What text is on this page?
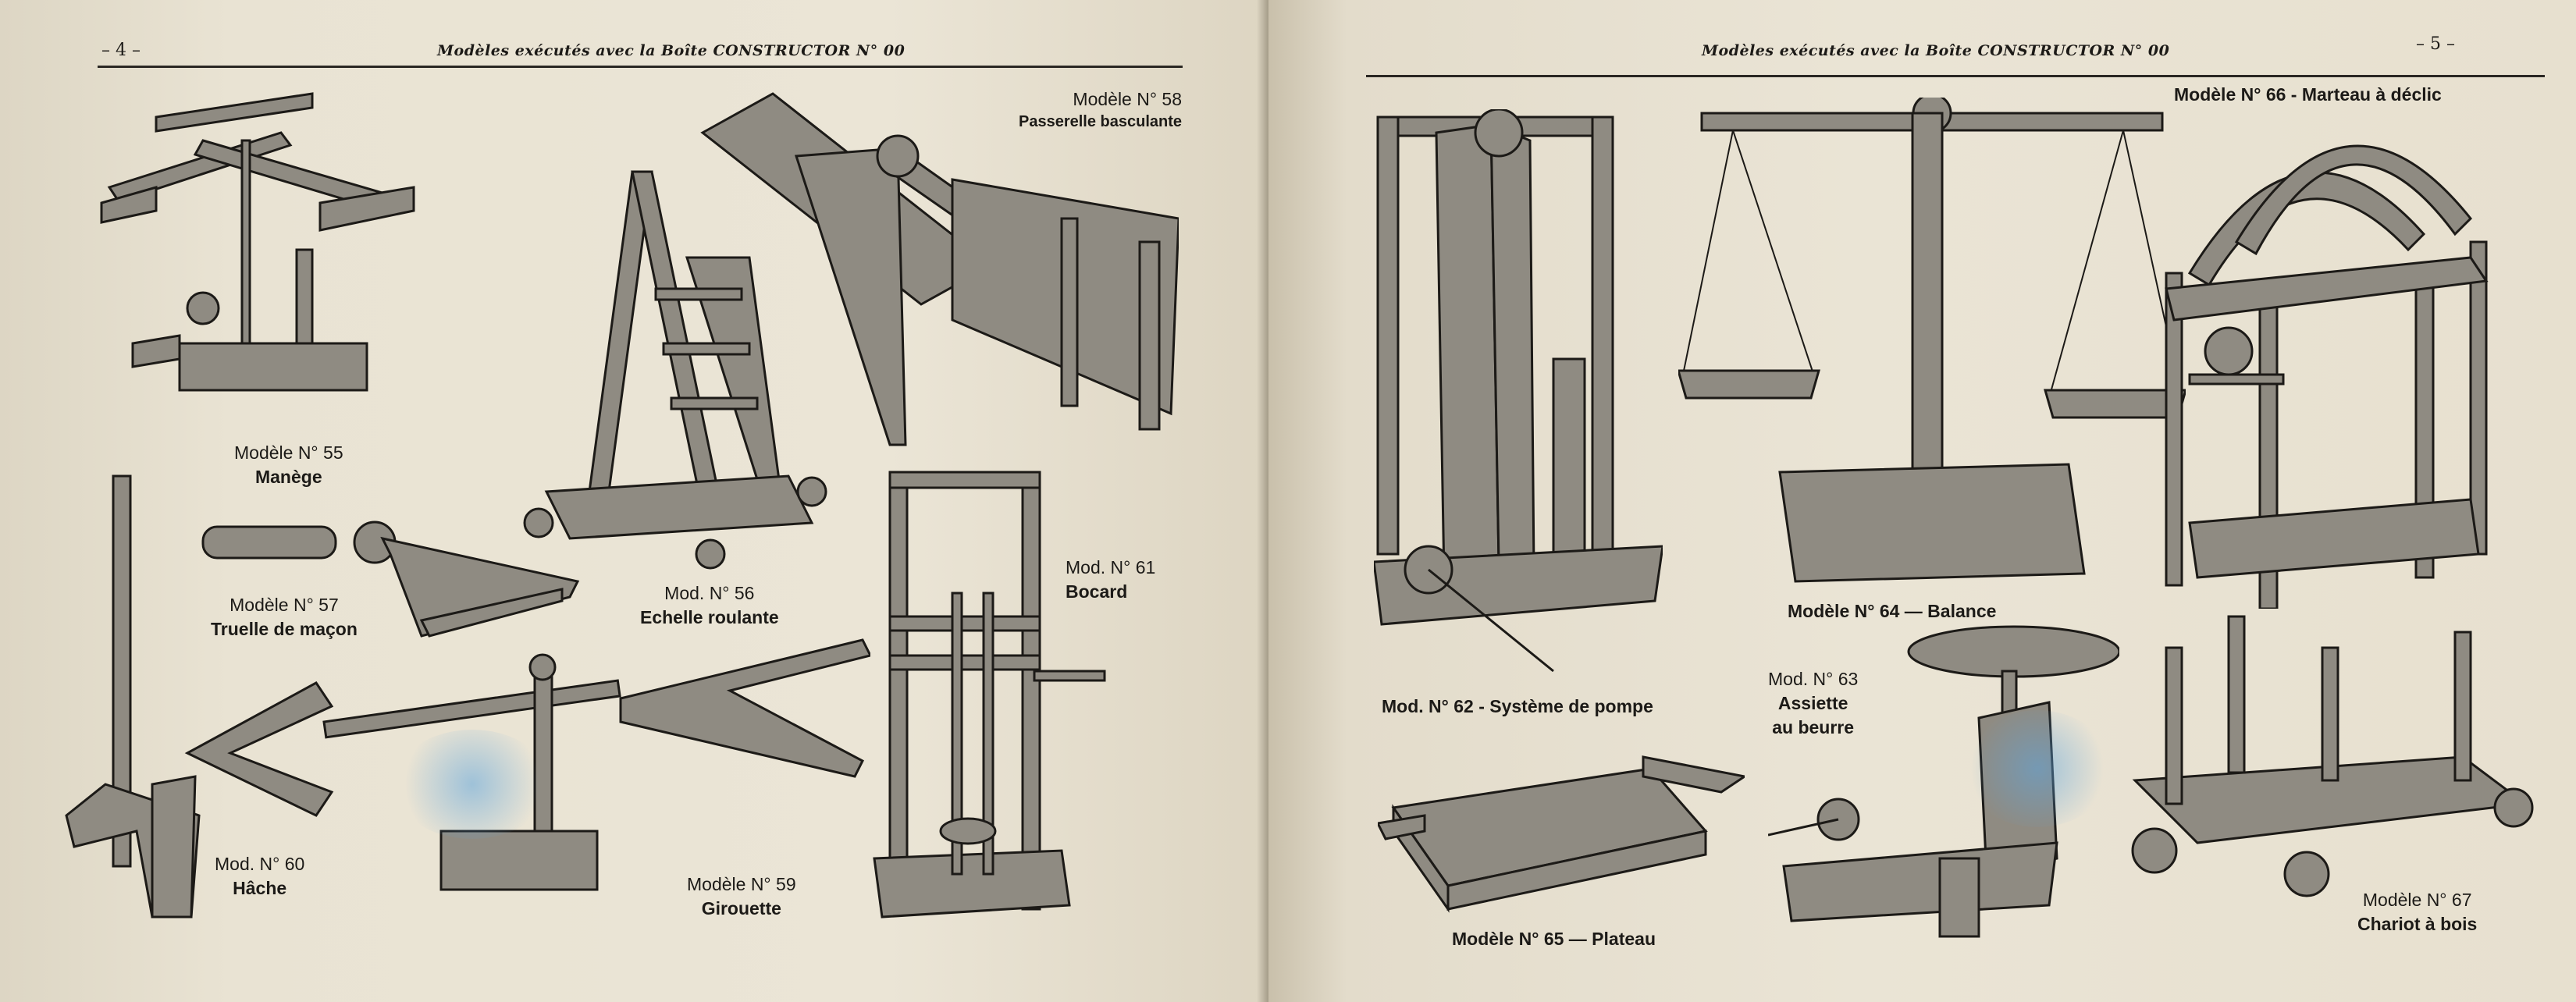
– 4 –	Modèles exécutés avec la Boîte CONSTRUCTOR N° 00
Modèle N° 55
Manège
Mod. N° 56
Echelle roulante
Modèle N° 57
Truelle de maçon
Modèle N° 58
Passerelle basculante
Mod. N° 60
Hâche	Modèle N° 59
Girouette
Mod. N° 61
Bocard
Modèles exécutés avec la Boîte CONSTRUCTOR N° 00	– 5 –
Mod. N° 62 - Système de pompe
Modèle N° 64 — Balance
Modèle N° 66 - Marteau à déclic
Mod. N° 63
Assiette
au beurre
Modèle N° 65 — Plateau
Modèle N° 67
Chariot à bois
